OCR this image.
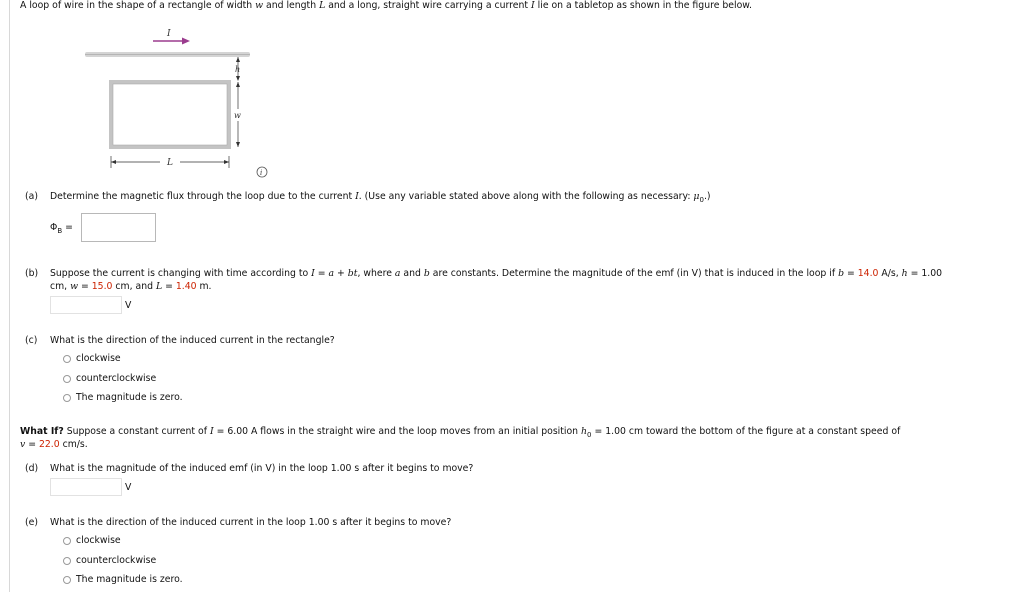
A loop of wire in the shape of a rectangle of width w and length L and a long, straight wire carrying a current I lie on a tabletop as shown in the figure below.
I
h
w
L
i
(a) Determine the magnetic flux through the loop due to the current I. (Use any variable stated above along with the following as necessary: $\mu_0$.)
$\Phi_B$ =
(b) Suppose the current is changing with time according to I = a + bt, where a and b are constants. Determine the magnitude of the emf (in V) that is induced in the loop if b = 14.0 A/s, h = 1.00
cm, w = 15.0 cm, and L = 1.40 m.
V
(c) What is the direction of the induced current in the rectangle?
clockwise
counterclockwise
The magnitude is zero.
What If? Suppose a constant current of I = 6.00 A flows in the straight wire and the loop moves from an initial position $h_0 = 1.00$ cm toward the bottom of the figure at a constant speed of
v = 22.0 cm/s.
(d) What is the magnitude of the induced emf (in V) in the loop 1.00 s after it begins to move?
V
(e) What is the direction of the induced current in the loop 1.00 s after it begins to move?
clockwise
counterclockwise
The magnitude is zero.
